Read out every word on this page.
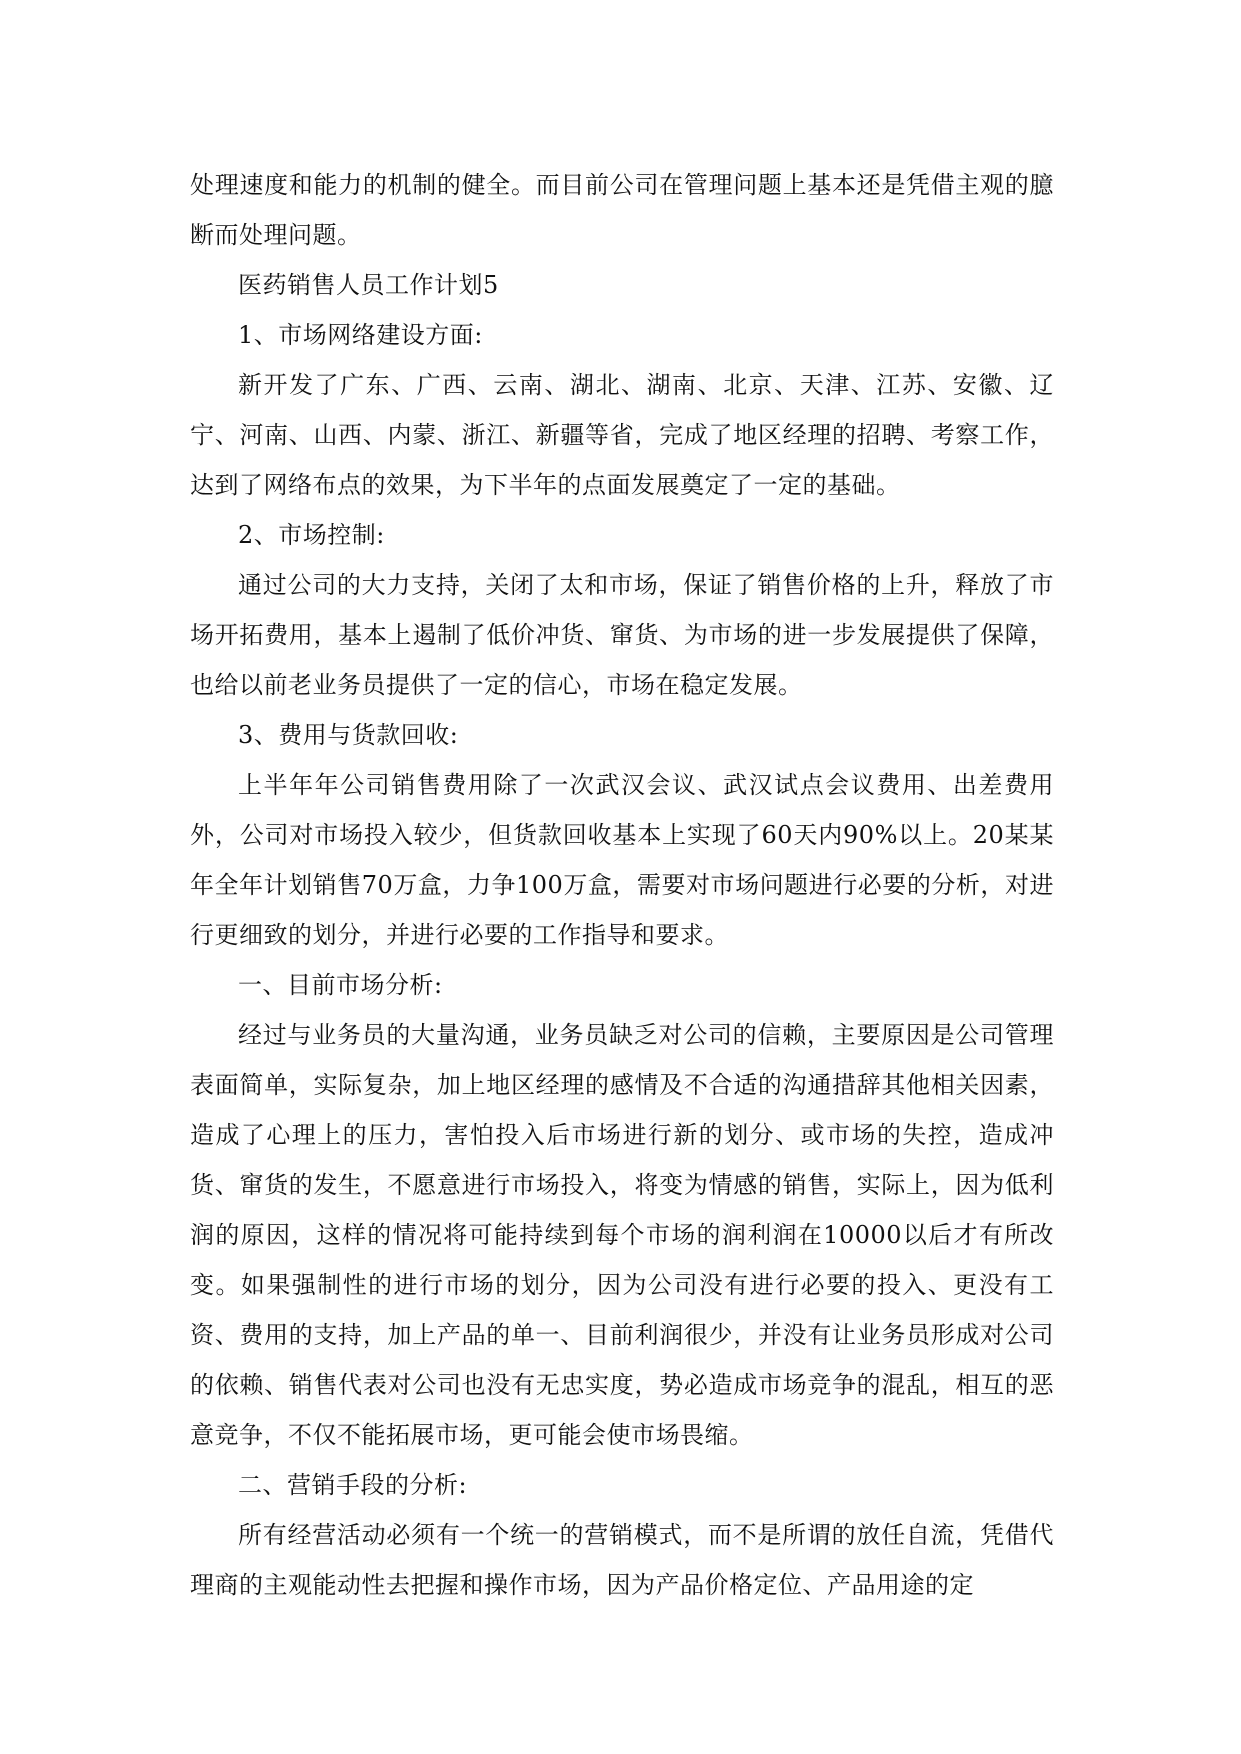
处理速度和能力的机制的健全。而目前公司在管理问题上基本还是凭借主观的臆断而处理问题。

医药销售人员工作计划5

1、市场网络建设方面:

新开发了广东、广西、云南、湖北、湖南、北京、天津、江苏、安徽、辽宁、河南、山西、内蒙、浙江、新疆等省，完成了地区经理的招聘、考察工作，达到了网络布点的效果，为下半年的点面发展奠定了一定的基础。

2、市场控制:

通过公司的大力支持，关闭了太和市场，保证了销售价格的上升，释放了市场开拓费用，基本上遏制了低价冲货、窜货、为市场的进一步发展提供了保障，也给以前老业务员提供了一定的信心，市场在稳定发展。

3、费用与货款回收:

上半年年公司销售费用除了一次武汉会议、武汉试点会议费用、出差费用外，公司对市场投入较少，但货款回收基本上实现了60天内90%以上。20某某年全年计划销售70万盒，力争100万盒，需要对市场问题进行必要的分析，对进行更细致的划分，并进行必要的工作指导和要求。

一、目前市场分析:

经过与业务员的大量沟通，业务员缺乏对公司的信赖，主要原因是公司管理表面简单，实际复杂，加上地区经理的感情及不合适的沟通措辞其他相关因素，造成了心理上的压力，害怕投入后市场进行新的划分、或市场的失控，造成冲货、窜货的发生，不愿意进行市场投入，将变为情感的销售，实际上，因为低利润的原因，这样的情况将可能持续到每个市场的润利润在10000以后才有所改变。如果强制性的进行市场的划分，因为公司没有进行必要的投入、更没有工资、费用的支持，加上产品的单一、目前利润很少，并没有让业务员形成对公司的依赖、销售代表对公司也没有无忠实度，势必造成市场竞争的混乱，相互的恶意竞争，不仅不能拓展市场，更可能会使市场畏缩。

二、营销手段的分析:

所有经营活动必须有一个统一的营销模式，而不是所谓的放任自流，凭借代理商的主观能动性去把握和操作市场，因为产品价格定位、产品用途的定
